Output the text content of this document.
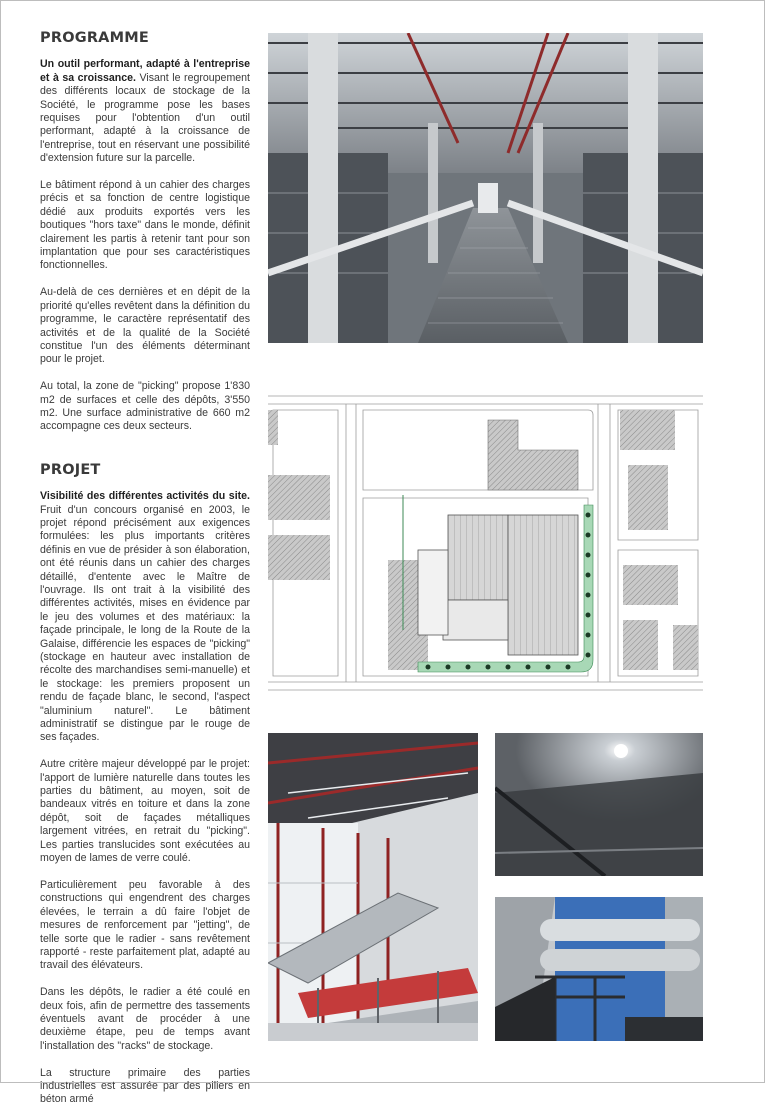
PROGRAMME

Un outil performant, adapté à l'entreprise et à sa croissance. Visant le regroupement des différents locaux de stockage de la Société, le programme pose les bases requises pour l'obtention d'un outil performant, adapté à la croissance de l'entreprise, tout en réservant une possibilité d'extension future sur la parcelle.

Le bâtiment répond à un cahier des charges précis et sa fonction de centre logistique dédié aux produits exportés vers les boutiques "hors taxe" dans le monde, définit clairement les partis à retenir tant pour son implantation que pour ses caractéristiques fonctionnelles.

Au-delà de ces dernières et en dépit de la priorité qu'elles revêtent dans la définition du programme, le caractère représentatif des activités et de la qualité de la Société constitue l'un des éléments déterminant pour le projet.

Au total, la zone de "picking" propose 1'830 m2 de surfaces et celle des dépôts, 3'550 m2. Une surface administrative de 660 m2 accompagne ces deux secteurs.

PROJET

Visibilité des différentes activités du site. Fruit d'un concours organisé en 2003, le projet répond précisément aux exigences formulées: les plus importants critères définis en vue de présider à son élaboration, ont été réunis dans un cahier des charges détaillé, d'entente avec le Maître de l'ouvrage. Ils ont trait à la visibilité des différentes activités, mises en évidence par le jeu des volumes et des matériaux: la façade principale, le long de la Route de la Galaise, différencie les espaces de "picking" (stockage en hauteur avec installation de récolte des marchandises semi-manuelle) et le stockage: les premiers proposent un rendu de façade blanc, le second, l'aspect "aluminium naturel". Le bâtiment administratif se distingue par le rouge de ses façades.

Autre critère majeur développé par le projet: l'apport de lumière naturelle dans toutes les parties du bâtiment, au moyen, soit de bandeaux vitrés en toiture et dans la zone dépôt, soit de façades métalliques largement vitrées, en retrait du "picking". Les parties translucides sont exécutées au moyen de lames de verre coulé.

Particulièrement peu favorable à des constructions qui engendrent des charges élevées, le terrain a dû faire l'objet de mesures de renforcement par "jetting", de telle sorte que le radier - sans revêtement rapporté - reste parfaitement plat, adapté au travail des élévateurs.

Dans les dépôts, le radier a été coulé en deux fois, afin de permettre des tassements éventuels avant de procéder à une deuxième étape, peu de temps avant l'installation des "racks" de stockage.

La structure primaire des parties industrielles est assurée par des piliers en béton armé
